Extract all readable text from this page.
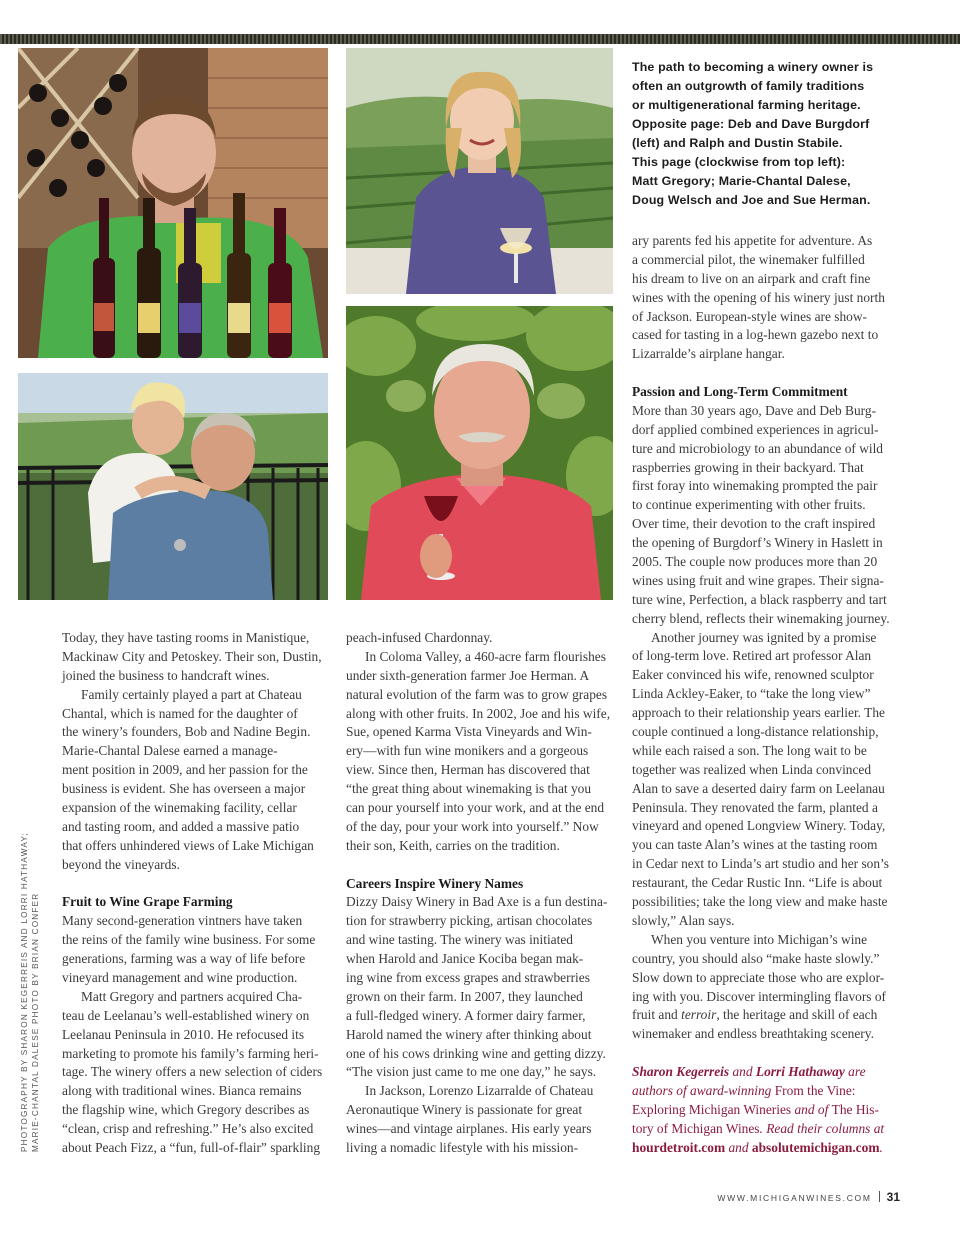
The path to becoming a winery owner is
often an outgrowth of family traditions
or multigenerational farming heritage.
Opposite page: Deb and Dave Burgdorf
(left) and Ralph and Dustin Stabile.
This page (clockwise from top left):
Matt Gregory; Marie-Chantal Dalese,
Doug Welsch and Joe and Sue Herman.
Today, they have tasting rooms in Manistique,
Mackinaw City and Petoskey. Their son, Dustin,
joined the business to handcraft wines.
Family certainly played a part at Chateau
Chantal, which is named for the daughter of
the winery’s founders, Bob and Nadine Begin.
Marie-Chantal Dalese earned a manage-
ment position in 2009, and her passion for the
business is evident. She has overseen a major
expansion of the winemaking facility, cellar
and tasting room, and added a massive patio
that offers unhindered views of Lake Michigan
beyond the vineyards.
Fruit to Wine Grape Farming
Many second-generation vintners have taken
the reins of the family wine business. For some
generations, farming was a way of life before
vineyard management and wine production.
Matt Gregory and partners acquired Cha-
teau de Leelanau’s well-established winery on
Leelanau Peninsula in 2010. He refocused its
marketing to promote his family’s farming heri-
tage. The winery offers a new selection of ciders
along with traditional wines. Bianca remains
the flagship wine, which Gregory describes as
“clean, crisp and refreshing.” He’s also excited
about Peach Fizz, a “fun, full-of-flair” sparkling
peach-infused Chardonnay.
In Coloma Valley, a 460-acre farm flourishes
under sixth-generation farmer Joe Herman. A
natural evolution of the farm was to grow grapes
along with other fruits. In 2002, Joe and his wife,
Sue, opened Karma Vista Vineyards and Win-
ery—with fun wine monikers and a gorgeous
view. Since then, Herman has discovered that
“the great thing about winemaking is that you
can pour yourself into your work, and at the end
of the day, pour your work into yourself.” Now
their son, Keith, carries on the tradition.
Careers Inspire Winery Names
Dizzy Daisy Winery in Bad Axe is a fun destina-
tion for strawberry picking, artisan chocolates
and wine tasting. The winery was initiated
when Harold and Janice Kociba began mak-
ing wine from excess grapes and strawberries
grown on their farm. In 2007, they launched
a full-fledged winery. A former dairy farmer,
Harold named the winery after thinking about
one of his cows drinking wine and getting dizzy.
“The vision just came to me one day,” he says.
In Jackson, Lorenzo Lizarralde of Chateau
Aeronautique Winery is passionate for great
wines—and vintage airplanes. His early years
living a nomadic lifestyle with his mission-
ary parents fed his appetite for adventure. As
a commercial pilot, the winemaker fulfilled
his dream to live on an airpark and craft fine
wines with the opening of his winery just north
of Jackson. European-style wines are show-
cased for tasting in a log-hewn gazebo next to
Lizarralde’s airplane hangar.
Passion and Long-Term Commitment
More than 30 years ago, Dave and Deb Burg-
dorf applied combined experiences in agricul-
ture and microbiology to an abundance of wild
raspberries growing in their backyard. That
first foray into winemaking prompted the pair
to continue experimenting with other fruits.
Over time, their devotion to the craft inspired
the opening of Burgdorf’s Winery in Haslett in
2005. The couple now produces more than 20
wines using fruit and wine grapes. Their signa-
ture wine, Perfection, a black raspberry and tart
cherry blend, reflects their winemaking journey.
Another journey was ignited by a promise
of long-term love. Retired art professor Alan
Eaker convinced his wife, renowned sculptor
Linda Ackley-Eaker, to “take the long view”
approach to their relationship years earlier. The
couple continued a long-distance relationship,
while each raised a son. The long wait to be
together was realized when Linda convinced
Alan to save a deserted dairy farm on Leelanau
Peninsula. They renovated the farm, planted a
vineyard and opened Longview Winery. Today,
you can taste Alan’s wines at the tasting room
in Cedar next to Linda’s art studio and her son’s
restaurant, the Cedar Rustic Inn. “Life is about
possibilities; take the long view and make haste
slowly,” Alan says.
When you venture into Michigan’s wine
country, you should also “make haste slowly.”
Slow down to appreciate those who are explor-
ing with you. Discover intermingling flavors of
fruit and terroir, the heritage and skill of each
winemaker and endless breathtaking scenery.
Sharon Kegerreis and Lorri Hathaway are
authors of award-winning From the Vine:
Exploring Michigan Wineries and of The His-
tory of Michigan Wines. Read their columns at
hourdetroit.com and absolutemichigan.com.
PHOTOGRAPHY BY SHARON KEGERREIS AND LORRI HATHAWAY; MARIE-CHANTAL DALESE PHOTO BY BRIAN CONFER
WWW.MICHIGANWINES.COM 31
